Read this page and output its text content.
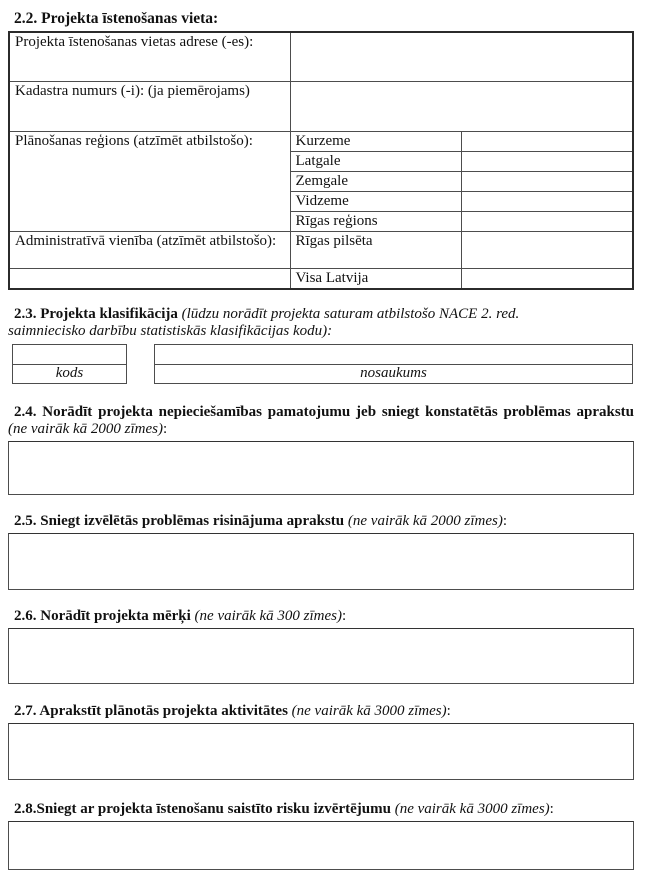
2.2. Projekta īstenošanas vieta:

Projekta īstenošanas vietas adrese (-es):		
Kadastra numurs (-i): (ja piemērojams)		
Plānošanas reģions (atzīmēt atbilstošo):	Kurzeme	
	Latgale	
	Zemgale	
	Vidzeme	
	Rīgas reģions	
Administratīvā vienība (atzīmēt atbilstošo):	Rīgas pilsēta	
	Visa Latvija	

2.3. Projekta klasifikācija (lūdzu norādīt projekta saturam atbilstošo NACE 2. red. saimniecisko darbību statistiskās klasifikācijas kodu):

kods	nosaukums

2.4. Norādīt projekta nepieciešamības pamatojumu jeb sniegt konstatētās problēmas aprakstu (ne vairāk kā 2000 zīmes):

2.5. Sniegt izvēlētās problēmas risinājuma aprakstu (ne vairāk kā 2000 zīmes):

2.6. Norādīt projekta mērķi (ne vairāk kā 300 zīmes):

2.7. Aprakstīt plānotās projekta aktivitātes (ne vairāk kā 3000 zīmes):

2.8.Sniegt ar projekta īstenošanu saistīto risku izvērtējumu (ne vairāk kā 3000 zīmes):
